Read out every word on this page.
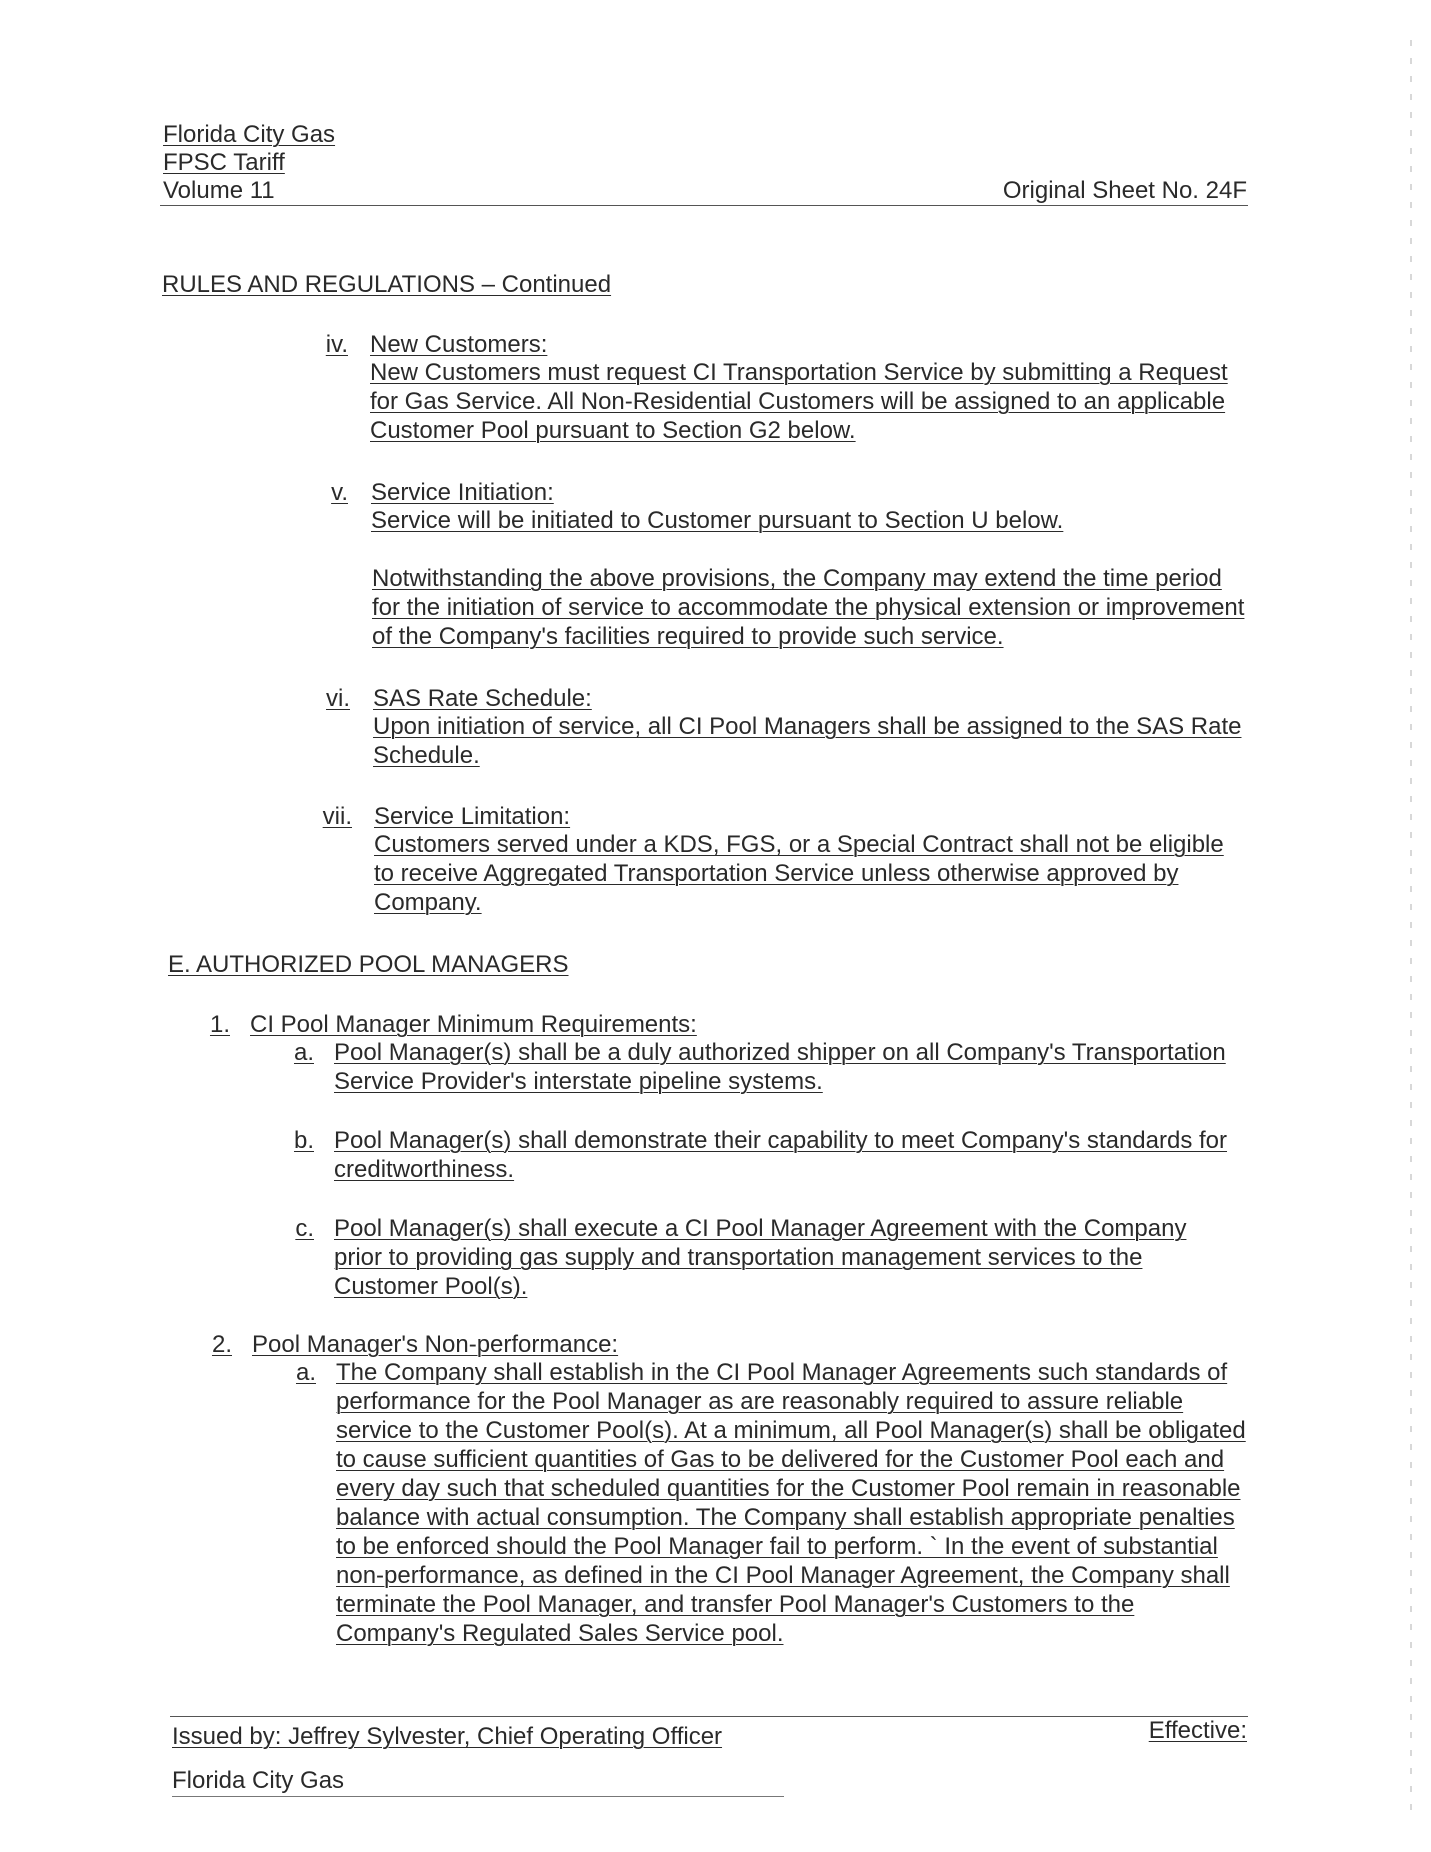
Florida City Gas
FPSC Tariff
Volume 11	Original Sheet No. 24F
RULES AND REGULATIONS – Continued
iv. New Customers:
New Customers must request CI Transportation Service by submitting a Request for Gas Service. All Non-Residential Customers will be assigned to an applicable Customer Pool pursuant to Section G2 below.
v. Service Initiation:
Service will be initiated to Customer pursuant to Section U below.
Notwithstanding the above provisions, the Company may extend the time period for the initiation of service to accommodate the physical extension or improvement of the Company's facilities required to provide such service.
vi. SAS Rate Schedule:
Upon initiation of service, all CI Pool Managers shall be assigned to the SAS Rate Schedule.
vii. Service Limitation:
Customers served under a KDS, FGS, or a Special Contract shall not be eligible to receive Aggregated Transportation Service unless otherwise approved by Company.
E. AUTHORIZED POOL MANAGERS
1. CI Pool Manager Minimum Requirements:
a. Pool Manager(s) shall be a duly authorized shipper on all Company's Transportation Service Provider's interstate pipeline systems.
b. Pool Manager(s) shall demonstrate their capability to meet Company's standards for creditworthiness.
c. Pool Manager(s) shall execute a CI Pool Manager Agreement with the Company prior to providing gas supply and transportation management services to the Customer Pool(s).
2. Pool Manager's Non-performance:
a. The Company shall establish in the CI Pool Manager Agreements such standards of performance for the Pool Manager as are reasonably required to assure reliable service to the Customer Pool(s). At a minimum, all Pool Manager(s) shall be obligated to cause sufficient quantities of Gas to be delivered for the Customer Pool each and every day such that scheduled quantities for the Customer Pool remain in reasonable balance with actual consumption. The Company shall establish appropriate penalties to be enforced should the Pool Manager fail to perform. ` In the event of substantial non-performance, as defined in the CI Pool Manager Agreement, the Company shall terminate the Pool Manager, and transfer Pool Manager's Customers to the Company's Regulated Sales Service pool.
Issued by: Jeffrey Sylvester, Chief Operating Officer	Effective:
Florida City Gas
